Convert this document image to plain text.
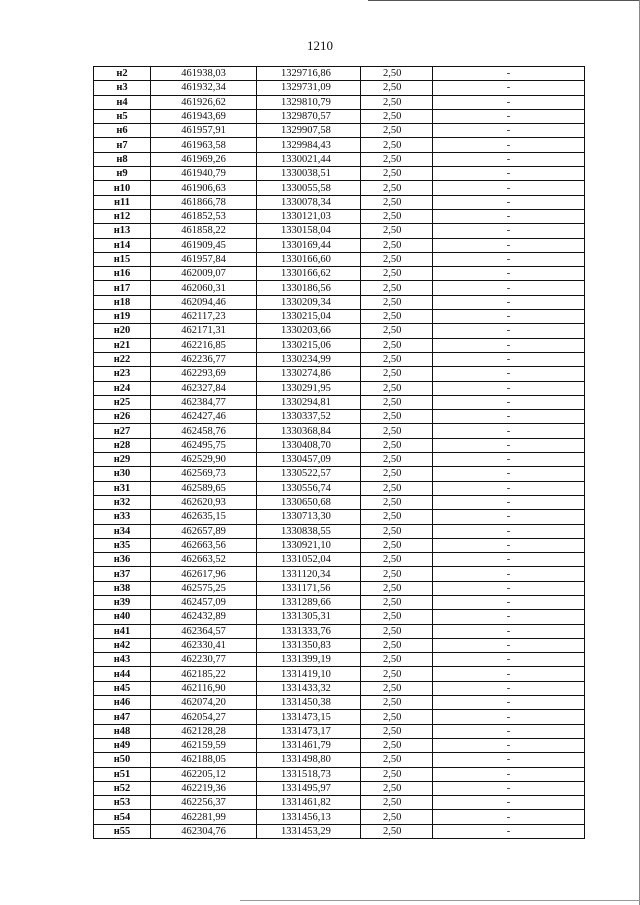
1210
н2	461938,03	1329716,86	2,50	-
н3	461932,34	1329731,09	2,50	-
н4	461926,62	1329810,79	2,50	-
н5	461943,69	1329870,57	2,50	-
н6	461957,91	1329907,58	2,50	-
н7	461963,58	1329984,43	2,50	-
н8	461969,26	1330021,44	2,50	-
н9	461940,79	1330038,51	2,50	-
н10	461906,63	1330055,58	2,50	-
н11	461866,78	1330078,34	2,50	-
н12	461852,53	1330121,03	2,50	-
н13	461858,22	1330158,04	2,50	-
н14	461909,45	1330169,44	2,50	-
н15	461957,84	1330166,60	2,50	-
н16	462009,07	1330166,62	2,50	-
н17	462060,31	1330186,56	2,50	-
н18	462094,46	1330209,34	2,50	-
н19	462117,23	1330215,04	2,50	-
н20	462171,31	1330203,66	2,50	-
н21	462216,85	1330215,06	2,50	-
н22	462236,77	1330234,99	2,50	-
н23	462293,69	1330274,86	2,50	-
н24	462327,84	1330291,95	2,50	-
н25	462384,77	1330294,81	2,50	-
н26	462427,46	1330337,52	2,50	-
н27	462458,76	1330368,84	2,50	-
н28	462495,75	1330408,70	2,50	-
н29	462529,90	1330457,09	2,50	-
н30	462569,73	1330522,57	2,50	-
н31	462589,65	1330556,74	2,50	-
н32	462620,93	1330650,68	2,50	-
н33	462635,15	1330713,30	2,50	-
н34	462657,89	1330838,55	2,50	-
н35	462663,56	1330921,10	2,50	-
н36	462663,52	1331052,04	2,50	-
н37	462617,96	1331120,34	2,50	-
н38	462575,25	1331171,56	2,50	-
н39	462457,09	1331289,66	2,50	-
н40	462432,89	1331305,31	2,50	-
н41	462364,57	1331333,76	2,50	-
н42	462330,41	1331350,83	2,50	-
н43	462230,77	1331399,19	2,50	-
н44	462185,22	1331419,10	2,50	-
н45	462116,90	1331433,32	2,50	-
н46	462074,20	1331450,38	2,50	-
н47	462054,27	1331473,15	2,50	-
н48	462128,28	1331473,17	2,50	-
н49	462159,59	1331461,79	2,50	-
н50	462188,05	1331498,80	2,50	-
н51	462205,12	1331518,73	2,50	-
н52	462219,36	1331495,97	2,50	-
н53	462256,37	1331461,82	2,50	-
н54	462281,99	1331456,13	2,50	-
н55	462304,76	1331453,29	2,50	-
